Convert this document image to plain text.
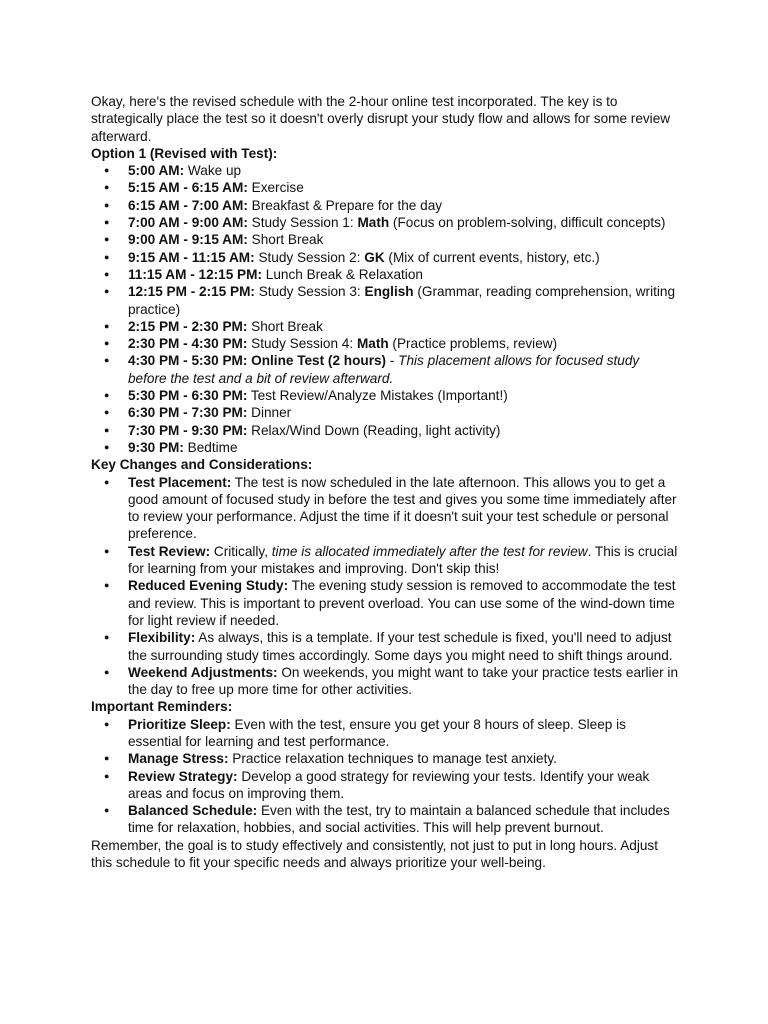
Okay, here's the revised schedule with the 2-hour online test incorporated. The key is to strategically place the test so it doesn't overly disrupt your study flow and allows for some review afterward.

Option 1 (Revised with Test):

● 5:00 AM: Wake up
● 5:15 AM - 6:15 AM: Exercise
● 6:15 AM - 7:00 AM: Breakfast & Prepare for the day
● 7:00 AM - 9:00 AM: Study Session 1: Math (Focus on problem-solving, difficult concepts)
● 9:00 AM - 9:15 AM: Short Break
● 9:15 AM - 11:15 AM: Study Session 2: GK (Mix of current events, history, etc.)
● 11:15 AM - 12:15 PM: Lunch Break & Relaxation
● 12:15 PM - 2:15 PM: Study Session 3: English (Grammar, reading comprehension, writing practice)
● 2:15 PM - 2:30 PM: Short Break
● 2:30 PM - 4:30 PM: Study Session 4: Math (Practice problems, review)
● 4:30 PM - 5:30 PM: Online Test (2 hours) - This placement allows for focused study before the test and a bit of review afterward.
● 5:30 PM - 6:30 PM: Test Review/Analyze Mistakes (Important!)
● 6:30 PM - 7:30 PM: Dinner
● 7:30 PM - 9:30 PM: Relax/Wind Down (Reading, light activity)
● 9:30 PM: Bedtime

Key Changes and Considerations:

● Test Placement: The test is now scheduled in the late afternoon. This allows you to get a good amount of focused study in before the test and gives you some time immediately after to review your performance. Adjust the time if it doesn't suit your test schedule or personal preference.
● Test Review: Critically, time is allocated immediately after the test for review. This is crucial for learning from your mistakes and improving. Don't skip this!
● Reduced Evening Study: The evening study session is removed to accommodate the test and review. This is important to prevent overload. You can use some of the wind-down time for light review if needed.
● Flexibility: As always, this is a template. If your test schedule is fixed, you'll need to adjust the surrounding study times accordingly. Some days you might need to shift things around.
● Weekend Adjustments: On weekends, you might want to take your practice tests earlier in the day to free up more time for other activities.

Important Reminders:

● Prioritize Sleep: Even with the test, ensure you get your 8 hours of sleep. Sleep is essential for learning and test performance.
● Manage Stress: Practice relaxation techniques to manage test anxiety.
● Review Strategy: Develop a good strategy for reviewing your tests. Identify your weak areas and focus on improving them.
● Balanced Schedule: Even with the test, try to maintain a balanced schedule that includes time for relaxation, hobbies, and social activities. This will help prevent burnout.

Remember, the goal is to study effectively and consistently, not just to put in long hours. Adjust this schedule to fit your specific needs and always prioritize your well-being.
